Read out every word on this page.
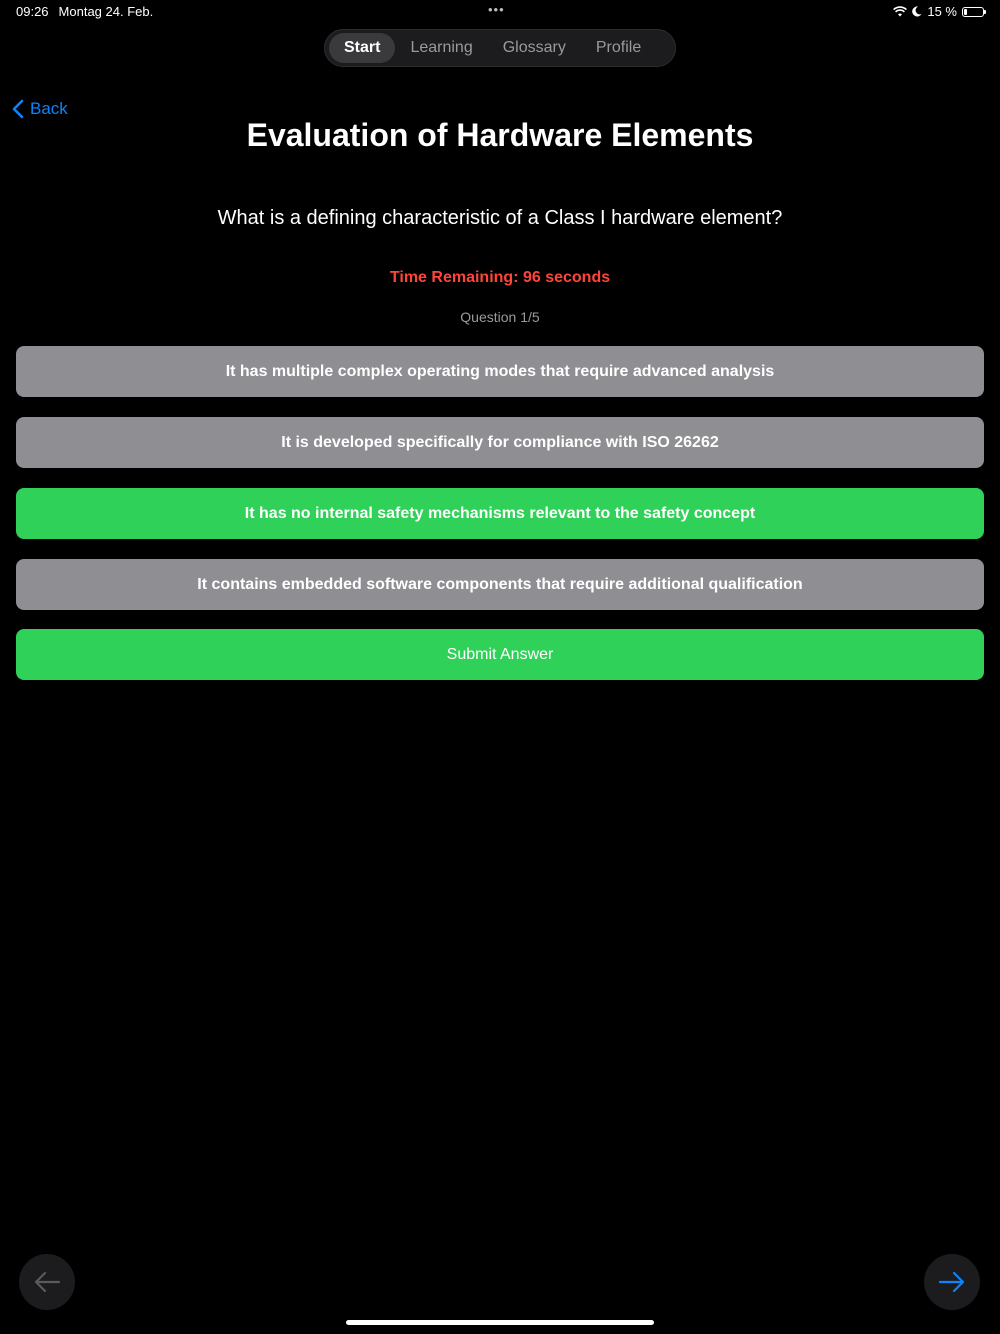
09:26 Montag 24. Feb.	•••	15 %
Start	Learning	Glossary	Profile
Back
Evaluation of Hardware Elements
What is a defining characteristic of a Class I hardware element?
Time Remaining: 96 seconds
Question 1/5
It has multiple complex operating modes that require advanced analysis
It is developed specifically for compliance with ISO 26262
It has no internal safety mechanisms relevant to the safety concept
It contains embedded software components that require additional qualification
Submit Answer
